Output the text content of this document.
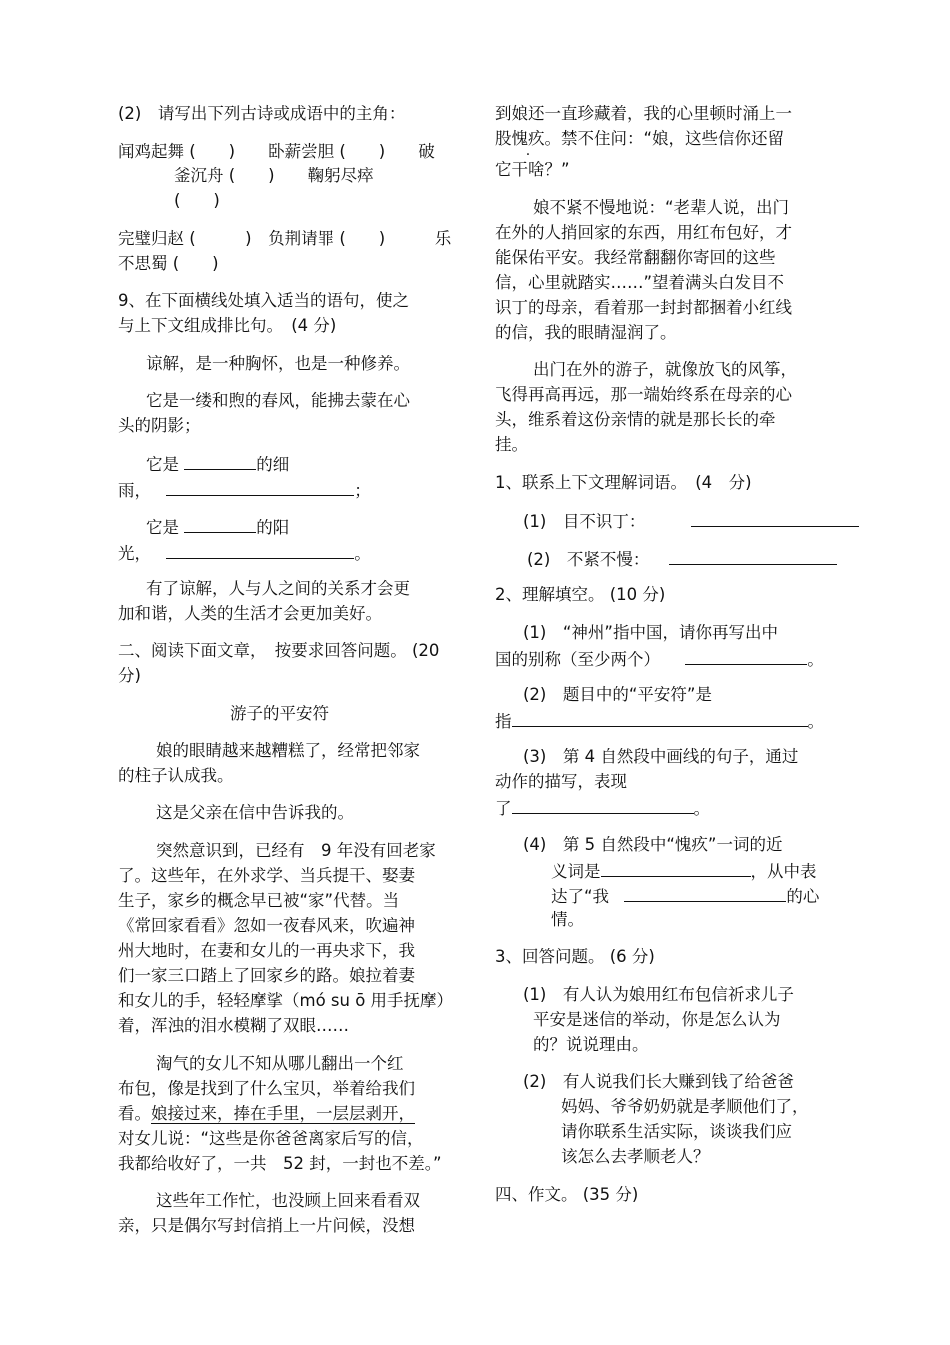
(2)　请写出下列古诗或成语中的主角：
闻鸡起舞 (　　)　　卧薪尝胆 (　　)　　破
釜沉舟 (　　)　　鞠躬尽瘁
(　　)
完璧归赵 (　　　)　负荆请罪 (　　)　　　乐
不思蜀 (　　)
9、在下面横线处填入适当的语句，使之
与上下文组成排比句。　(4 分)
谅解，是一种胸怀，也是一种修养。
它是一缕和煦的春风，能拂去蒙在心
头的阴影；
它是	的细
雨，	；
它是	的阳
光，	。
有了谅解，人与人之间的关系才会更
加和谐，人类的生活才会更加美好。
二、阅读下面文章，　按要求回答问题。 (20
分)
游子的平安符
娘的眼睛越来越糟糕了，经常把邻家
的柱子认成我。
这是父亲在信中告诉我的。
突然意识到，已经有　9 年没有回老家
了。这些年，在外求学、当兵提干、娶妻
生子，家乡的概念早已被“家”代替。当
《常回家看看》忽如一夜春风来，吹遍神
州大地时，在妻和女儿的一再央求下，我
们一家三口踏上了回家乡的路。娘拉着妻
和女儿的手，轻轻摩挲（mó su ō 用手抚摩）
着，浑浊的泪水模糊了双眼……
淘气的女儿不知从哪儿翻出一个红
布包，像是找到了什么宝贝，举着给我们
看。娘接过来，捧在手里，一层层剥开，
对女儿说：“这些是你爸爸离家后写的信，
我都给收好了，一共　52 封，一封也不差。”
这些年工作忙，也没顾上回来看看双
亲，只是偶尔写封信捎上一片问候，没想
到娘还一直珍藏着，我的心里顿时涌上一
股愧疚。禁不住问：“娘，这些信你还留
它干啥？”
娘不紧不慢地说：“老辈人说，出门
在外的人捎回家的东西，用红布包好，才
能保佑平安。我经常翻翻你寄回的这些
信，心里就踏实……”望着满头白发目不
识丁的母亲，看着那一封封都捆着小红线
的信，我的眼睛湿润了。
出门在外的游子，就像放飞的风筝，
飞得再高再远，那一端始终系在母亲的心
头，维系着这份亲情的就是那长长的牵
挂。
1、联系上下文理解词语。　(4　分)
(1)　目不识丁：
(2)　不紧不慢：
2、理解填空。 (10 分)
(1)　“神州”指中国，请你再写出中
国的别称（至少两个）	。
(2)　题目中的“平安符”是
指	。
(3)　第 4 自然段中画线的句子，通过
动作的描写，表现
了	。
(4)　第 5 自然段中“愧疚”一词的近
义词是	，从中表
达了“我	的心
情。
3、回答问题。 (6 分)
(1)　有人认为娘用红布包信祈求儿子
平安是迷信的举动，你是怎么认为
的？说说理由。
(2)　有人说我们长大赚到钱了给爸爸
妈妈、爷爷奶奶就是孝顺他们了，
请你联系生活实际，谈谈我们应
该怎么去孝顺老人？
四、作文。 (35 分)
